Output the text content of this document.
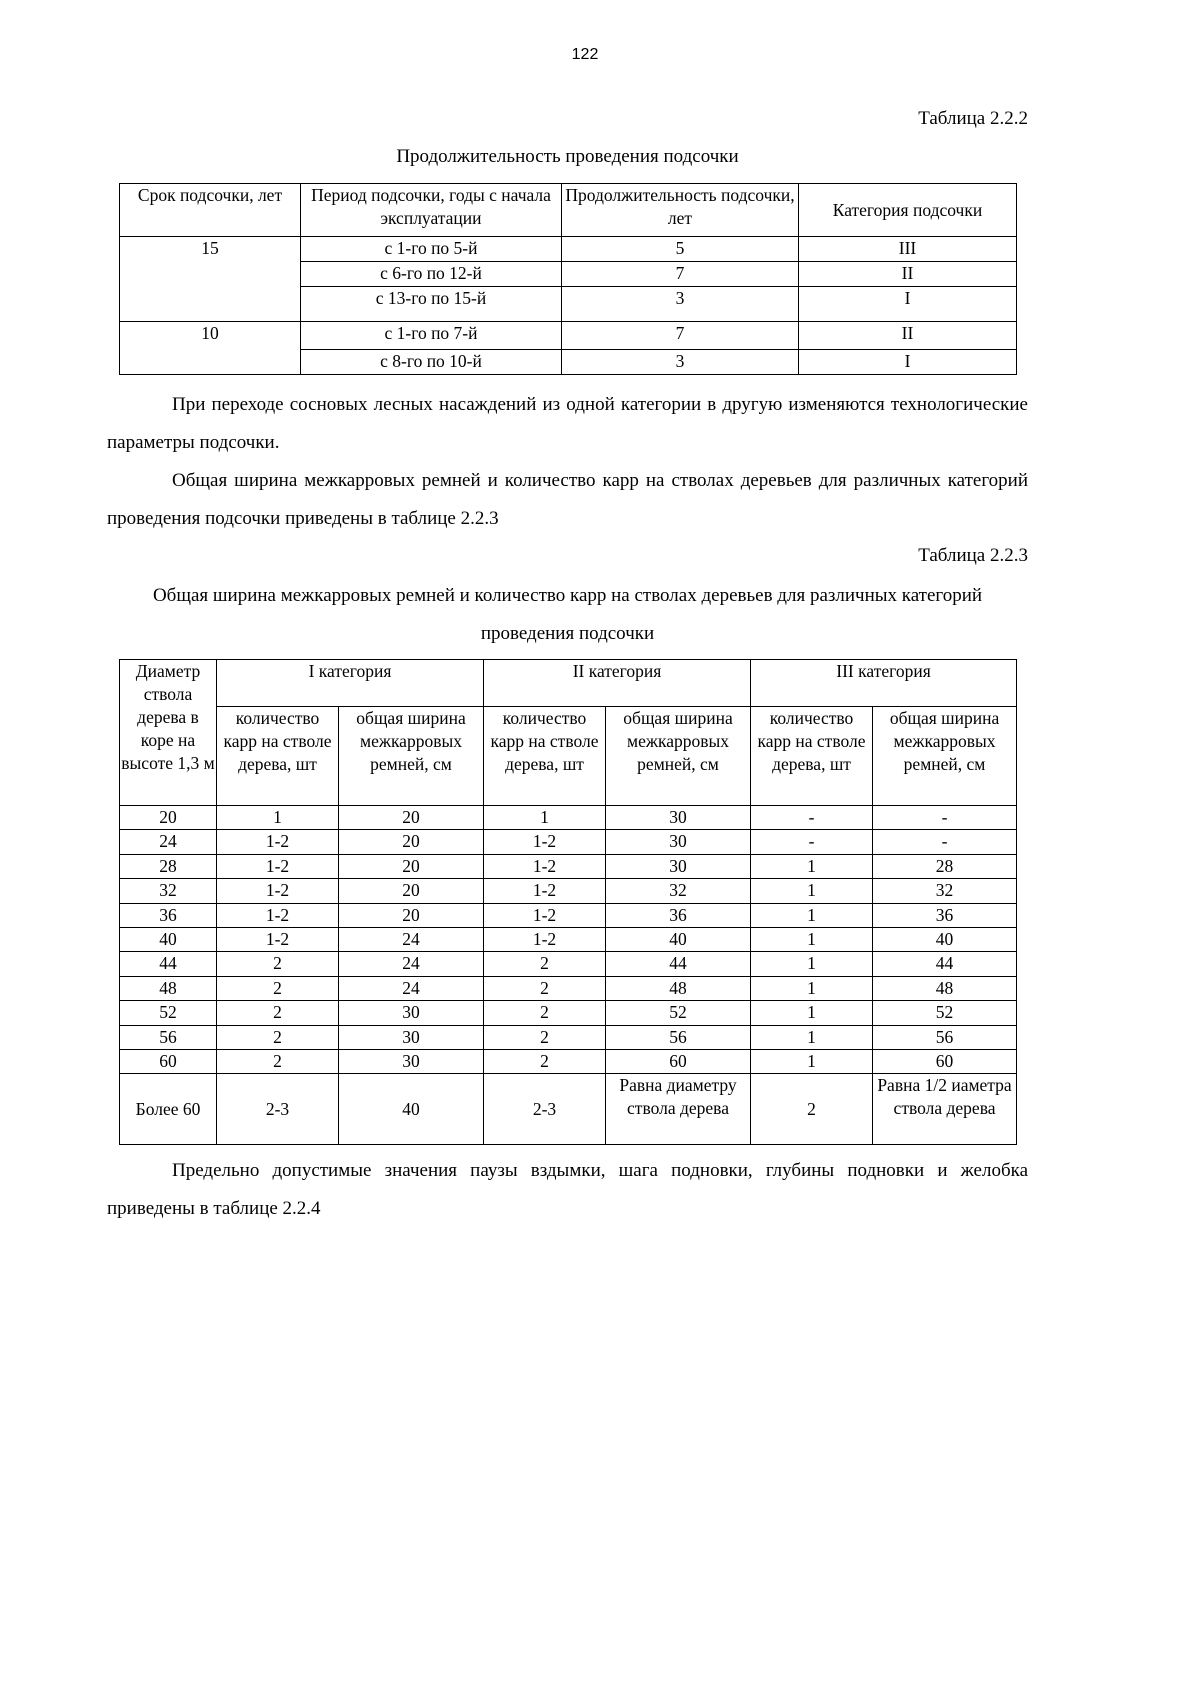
122
Таблица 2.2.2
Продолжительность проведения подсочки
Срок подсочки, лет	Период подсочки, годы с начала эксплуатации	Продолжительность подсочки, лет	Категория подсочки
15	с 1-го по 5-й	5	III
	с 6-го по 12-й	7	II
	с 13-го по 15-й	3	I
10	с 1-го по 7-й	7	II
	с 8-го по 10-й	3	I
При переходе сосновых лесных насаждений из одной категории в другую изменяются технологические параметры подсочки.
Общая ширина межкарровых ремней и количество карр на стволах деревьев для различных категорий проведения подсочки приведены в таблице 2.2.3
Таблица 2.2.3
Общая ширина межкарровых ремней и количество карр на стволах деревьев для различных категорий проведения подсочки
Диаметр ствола дерева в коре на высоте 1,3 м	I категория		II категория		III категория	
	количество карр на стволе дерева, шт	общая ширина межкарровых ремней, см	количество карр на стволе дерева, шт	общая ширина межкарровых ремней, см	количество карр на стволе дерева, шт	общая ширина межкарровых ремней, см
20	1	20	1	30	-	-
24	1-2	20	1-2	30	-	-
28	1-2	20	1-2	30	1	28
32	1-2	20	1-2	32	1	32
36	1-2	20	1-2	36	1	36
40	1-2	24	1-2	40	1	40
44	2	24	2	44	1	44
48	2	24	2	48	1	48
52	2	30	2	52	1	52
56	2	30	2	56	1	56
60	2	30	2	60	1	60
Более 60	2-3	40	2-3	Равна диаметру ствола дерева	2	Равна 1/2 иаметра ствола дерева
Предельно допустимые значения паузы вздымки, шага подновки, глубины подновки и желобка приведены в таблице 2.2.4
